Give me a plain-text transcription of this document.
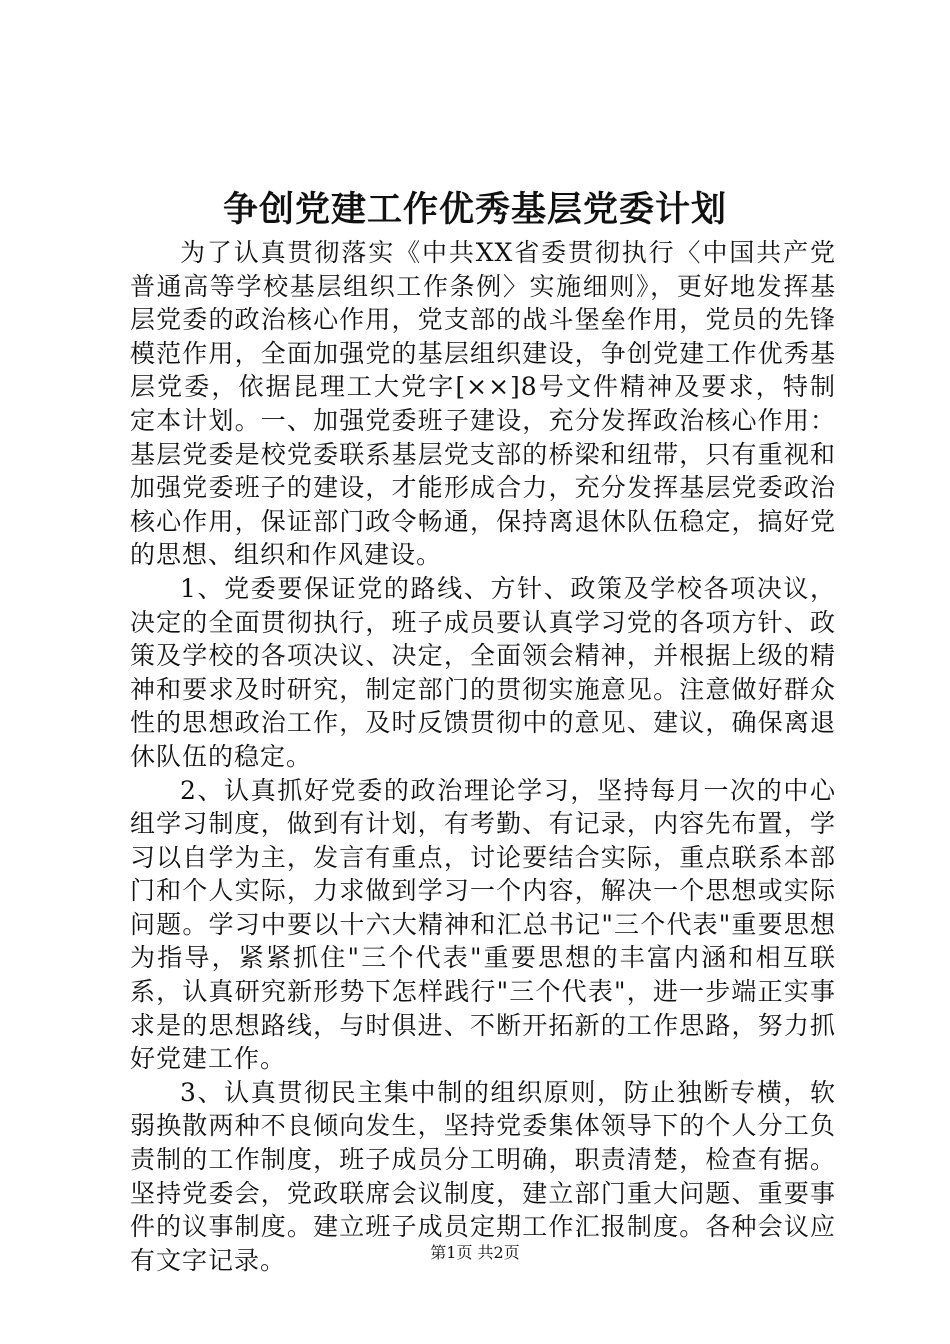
争创党建工作优秀基层党委计划

为了认真贯彻落实《中共XX省委贯彻执行〈中国共产党普通高等学校基层组织工作条例〉实施细则》，更好地发挥基层党委的政治核心作用，党支部的战斗堡垒作用，党员的先锋模范作用，全面加强党的基层组织建设，争创党建工作优秀基层党委，依据昆理工大党字[××]8号文件精神及要求，特制定本计划。一、加强党委班子建设，充分发挥政治核心作用：基层党委是校党委联系基层党支部的桥梁和纽带，只有重视和加强党委班子的建设，才能形成合力，充分发挥基层党委政治核心作用，保证部门政令畅通，保持离退休队伍稳定，搞好党的思想、组织和作风建设。

1、党委要保证党的路线、方针、政策及学校各项决议，决定的全面贯彻执行，班子成员要认真学习党的各项方针、政策及学校的各项决议、决定，全面领会精神，并根据上级的精神和要求及时研究，制定部门的贯彻实施意见。注意做好群众性的思想政治工作，及时反馈贯彻中的意见、建议，确保离退休队伍的稳定。

2、认真抓好党委的政治理论学习，坚持每月一次的中心组学习制度，做到有计划，有考勤、有记录，内容先布置，学习以自学为主，发言有重点，讨论要结合实际，重点联系本部门和个人实际，力求做到学习一个内容，解决一个思想或实际问题。学习中要以十六大精神和汇总书记"三个代表"重要思想为指导，紧紧抓住"三个代表"重要思想的丰富内涵和相互联系，认真研究新形势下怎样践行"三个代表"，进一步端正实事求是的思想路线，与时俱进、不断开拓新的工作思路，努力抓好党建工作。

3、认真贯彻民主集中制的组织原则，防止独断专横，软弱换散两种不良倾向发生，坚持党委集体领导下的个人分工负责制的工作制度，班子成员分工明确，职责清楚，检查有据。坚持党委会，党政联席会议制度，建立部门重大问题、重要事件的议事制度。建立班子成员定期工作汇报制度。各种会议应有文字记录。	第1页 共2页
